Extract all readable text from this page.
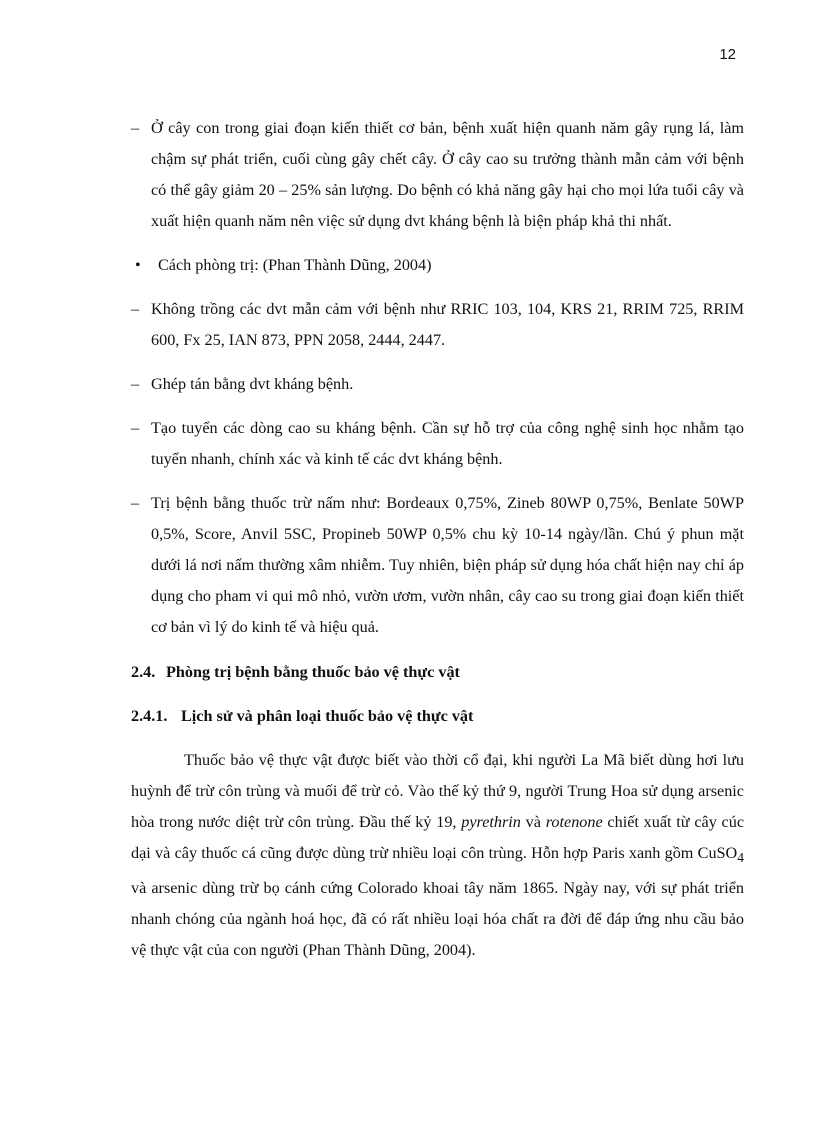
12
– Ở cây con trong giai đoạn kiến thiết cơ bản, bệnh xuất hiện quanh năm gây rụng lá, làm chậm sự phát triển, cuối cùng gây chết cây. Ở cây cao su trưởng thành mẫn cảm với bệnh có thể gây giảm 20 – 25% sản lượng. Do bệnh có khả năng gây hại cho mọi lứa tuổi cây và xuất hiện quanh năm nên việc sử dụng dvt kháng bệnh là biện pháp khả thi nhất.
• Cách phòng trị: (Phan Thành Dũng, 2004)
– Không trồng các dvt mẫn cảm với bệnh như RRIC 103, 104, KRS 21, RRIM 725, RRIM 600, Fx 25, IAN 873, PPN 2058, 2444, 2447.
– Ghép tán bằng dvt kháng bệnh.
– Tạo tuyển các dòng cao su kháng bệnh. Cần sự hỗ trợ của công nghệ sinh học nhằm tạo tuyển nhanh, chính xác và kinh tế các dvt kháng bệnh.
– Trị bệnh bằng thuốc trừ nấm như: Bordeaux 0,75%, Zineb 80WP 0,75%, Benlate 50WP 0,5%, Score, Anvil 5SC, Propineb 50WP 0,5% chu kỳ 10-14 ngày/lần. Chú ý phun mặt dưới lá nơi nấm thường xâm nhiễm. Tuy nhiên, biện pháp sử dụng hóa chất hiện nay chỉ áp dụng cho pham vi qui mô nhỏ, vườn ươm, vườn nhân, cây cao su trong giai đoạn kiến thiết cơ bản vì lý do kinh tế và hiệu quả.
2.4. Phòng trị bệnh bằng thuốc bảo vệ thực vật
2.4.1. Lịch sử và phân loại thuốc bảo vệ thực vật
Thuốc bảo vệ thực vật được biết vào thời cổ đại, khi người La Mã biết dùng hơi lưu huỳnh để trừ côn trùng và muối để trừ cỏ. Vào thế kỷ thứ 9, người Trung Hoa sử dụng arsenic hòa trong nước diệt trừ côn trùng. Đầu thế kỷ 19, pyrethrin và rotenone chiết xuất từ cây cúc dại và cây thuốc cá cũng được dùng trừ nhiều loại côn trùng. Hỗn hợp Paris xanh gồm CuSO$_4$ và arsenic dùng trừ bọ cánh cứng Colorado khoai tây năm 1865. Ngày nay, với sự phát triển nhanh chóng của ngành hoá học, đã có rất nhiều loại hóa chất ra đời để đáp ứng nhu cầu bảo vệ thực vật của con người (Phan Thành Dũng, 2004).
